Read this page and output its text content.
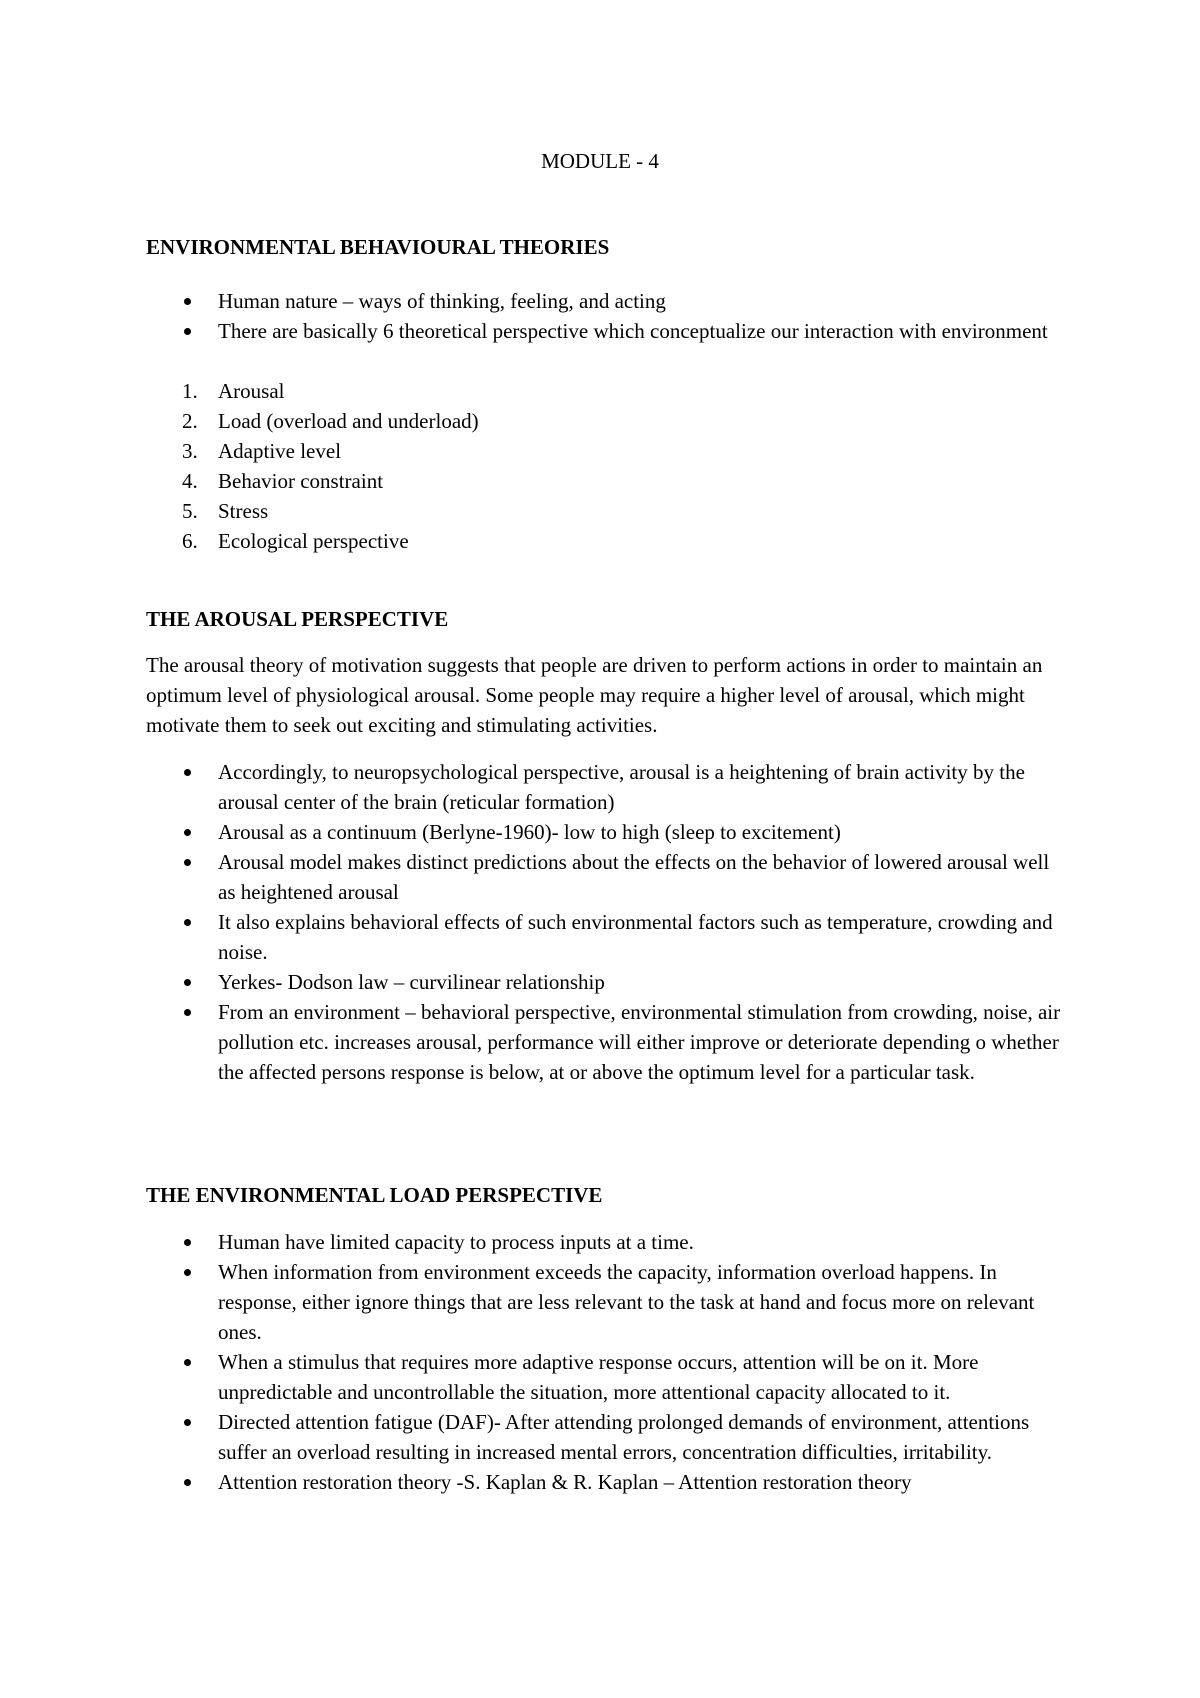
MODULE - 4
ENVIRONMENTAL BEHAVIOURAL THEORIES
Human nature – ways of thinking, feeling, and acting
There are basically 6 theoretical perspective which conceptualize our interaction with environment
1. Arousal
2. Load (overload and underload)
3. Adaptive level
4. Behavior constraint
5. Stress
6. Ecological perspective
THE AROUSAL PERSPECTIVE

The arousal theory of motivation suggests that people are driven to perform actions in order to maintain an optimum level of physiological arousal. Some people may require a higher level of arousal, which might motivate them to seek out exciting and stimulating activities.

Accordingly, to neuropsychological perspective, arousal is a heightening of brain activity by the arousal center of the brain (reticular formation)
Arousal as a continuum (Berlyne-1960)- low to high (sleep to excitement)
Arousal model makes distinct predictions about the effects on the behavior of lowered arousal well as heightened arousal
It also explains behavioral effects of such environmental factors such as temperature, crowding and noise.
Yerkes- Dodson law – curvilinear relationship
From an environment – behavioral perspective, environmental stimulation from crowding, noise, air pollution etc. increases arousal, performance will either improve or deteriorate depending o whether the affected persons response is below, at or above the optimum level for a particular task.
THE ENVIRONMENTAL LOAD PERSPECTIVE
Human have limited capacity to process inputs at a time.
When information from environment exceeds the capacity, information overload happens. In response, either ignore things that are less relevant to the task at hand and focus more on relevant ones.
When a stimulus that requires more adaptive response occurs, attention will be on it. More unpredictable and uncontrollable the situation, more attentional capacity allocated to it.
Directed attention fatigue (DAF)- After attending prolonged demands of environment, attentions suffer an overload resulting in increased mental errors, concentration difficulties, irritability.
Attention restoration theory -S. Kaplan & R. Kaplan – Attention restoration theory
